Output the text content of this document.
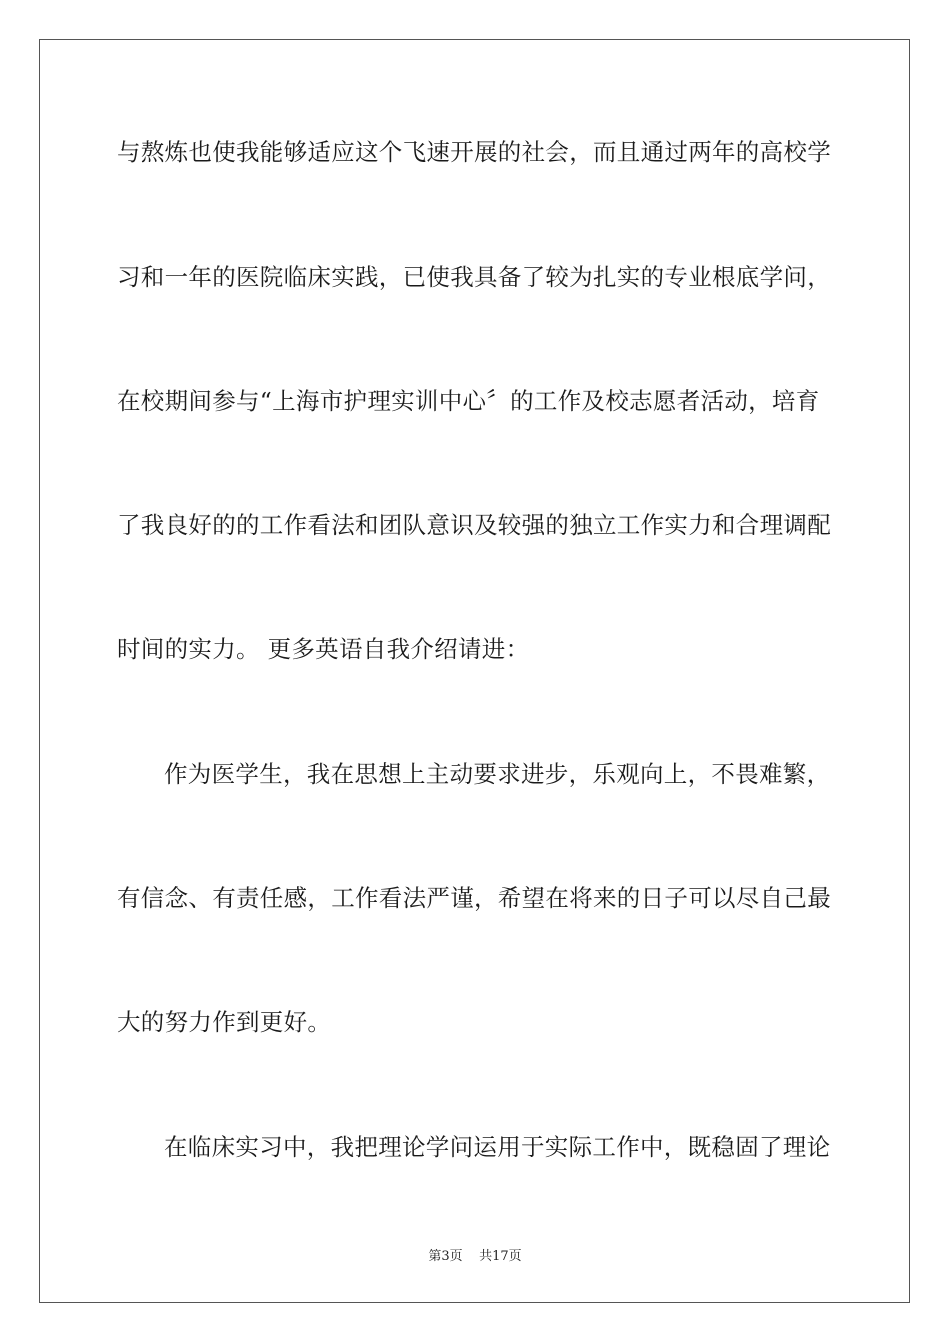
与熬炼也使我能够适应这个飞速开展的社会，而且通过两年的高校学
习和一年的医院临床实践，已使我具备了较为扎实的专业根底学问，
在校期间参与“上海市护理实训中心〞的工作及校志愿者活动，培育
了我良好的的工作看法和团队意识及较强的独立工作实力和合理调配
时间的实力。 更多英语自我介绍请进：
作为医学生，我在思想上主动要求进步，乐观向上，不畏难繁，
有信念、有责任感，工作看法严谨，希望在将来的日子可以尽自己最
大的努力作到更好。
在临床实习中，我把理论学问运用于实际工作中，既稳固了理论
第3页 共17页
